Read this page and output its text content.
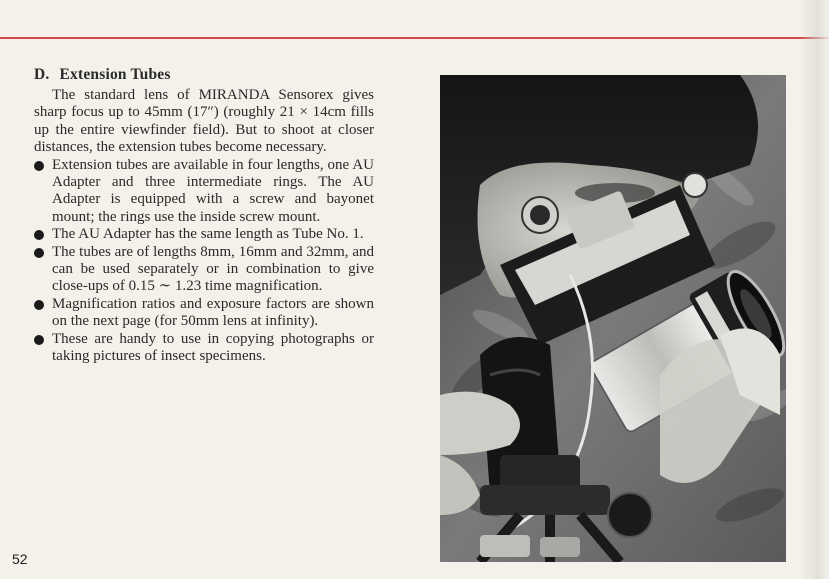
D. Extension Tubes

The standard lens of MIRANDA Sensorex gives sharp focus up to 45mm (17″) (roughly 21 × 14cm fills up the entire viewfinder field). But to shoot at closer distances, the extension tubes become necessary.

Extension tubes are available in four lengths, one AU Adapter and three intermediate rings. The AU Adapter is equipped with a screw and bayonet mount; the rings use the inside screw mount.
The AU Adapter has the same length as Tube No. 1.
The tubes are of lengths 8mm, 16mm and 32mm, and can be used separately or in combination to give close-ups of 0.15 ∼ 1.23 time magnification.
Magnification ratios and exposure factors are shown on the next page (for 50mm lens at infinity).
These are handy to use in copying photographs or taking pictures of insect specimens.
52
